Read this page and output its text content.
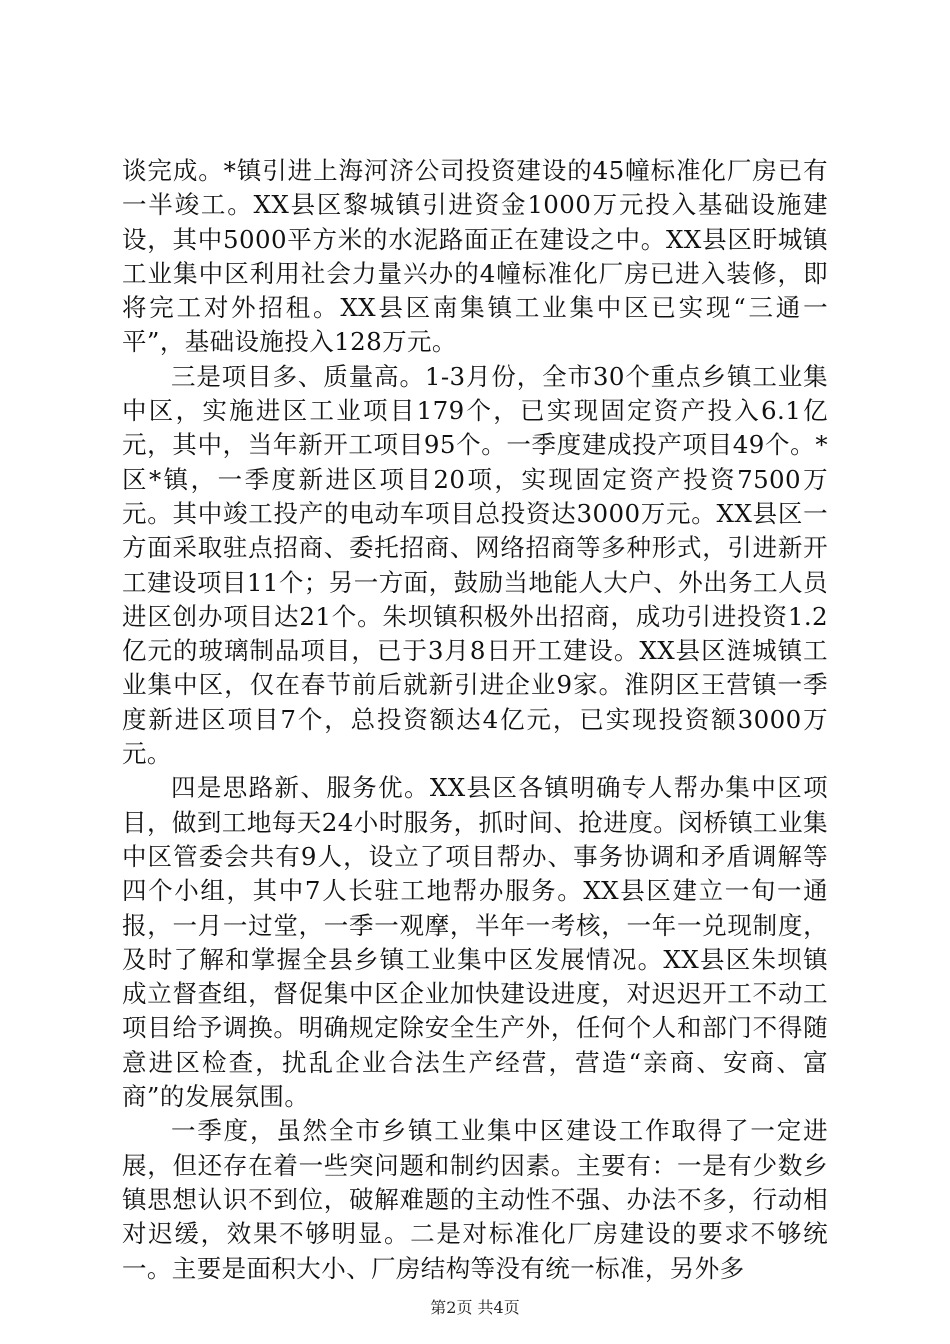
谈完成。*镇引进上海河济公司投资建设的45幢标准化厂房已有一半竣工。XX县区黎城镇引进资金1000万元投入基础设施建设，其中5000平方米的水泥路面正在建设之中。XX县区盱城镇工业集中区利用社会力量兴办的4幢标准化厂房已进入装修，即将完工对外招租。XX县区南集镇工业集中区已实现“三通一平”，基础设施投入128万元。

三是项目多、质量高。1-3月份，全市30个重点乡镇工业集中区，实施进区工业项目179个，已实现固定资产投入6.1亿元，其中，当年新开工项目95个。一季度建成投产项目49个。*区*镇，一季度新进区项目20项，实现固定资产投资7500万元。其中竣工投产的电动车项目总投资达3000万元。XX县区一方面采取驻点招商、委托招商、网络招商等多种形式，引进新开工建设项目11个；另一方面，鼓励当地能人大户、外出务工人员进区创办项目达21个。朱坝镇积极外出招商，成功引进投资1.2亿元的玻璃制品项目，已于3月8日开工建设。XX县区涟城镇工业集中区，仅在春节前后就新引进企业9家。淮阴区王营镇一季度新进区项目7个，总投资额达4亿元，已实现投资额3000万元。

四是思路新、服务优。XX县区各镇明确专人帮办集中区项目，做到工地每天24小时服务，抓时间、抢进度。闵桥镇工业集中区管委会共有9人，设立了项目帮办、事务协调和矛盾调解等四个小组，其中7人长驻工地帮办服务。XX县区建立一旬一通报，一月一过堂，一季一观摩，半年一考核，一年一兑现制度，及时了解和掌握全县乡镇工业集中区发展情况。XX县区朱坝镇成立督查组，督促集中区企业加快建设进度，对迟迟开工不动工项目给予调换。明确规定除安全生产外，任何个人和部门不得随意进区检查，扰乱企业合法生产经营，营造“亲商、安商、富商”的发展氛围。

一季度，虽然全市乡镇工业集中区建设工作取得了一定进展，但还存在着一些突问题和制约因素。主要有：一是有少数乡镇思想认识不到位，破解难题的主动性不强、办法不多，行动相对迟缓，效果不够明显。二是对标准化厂房建设的要求不够统一。主要是面积大小、厂房结构等没有统一标准，另外多

第2页 共4页
